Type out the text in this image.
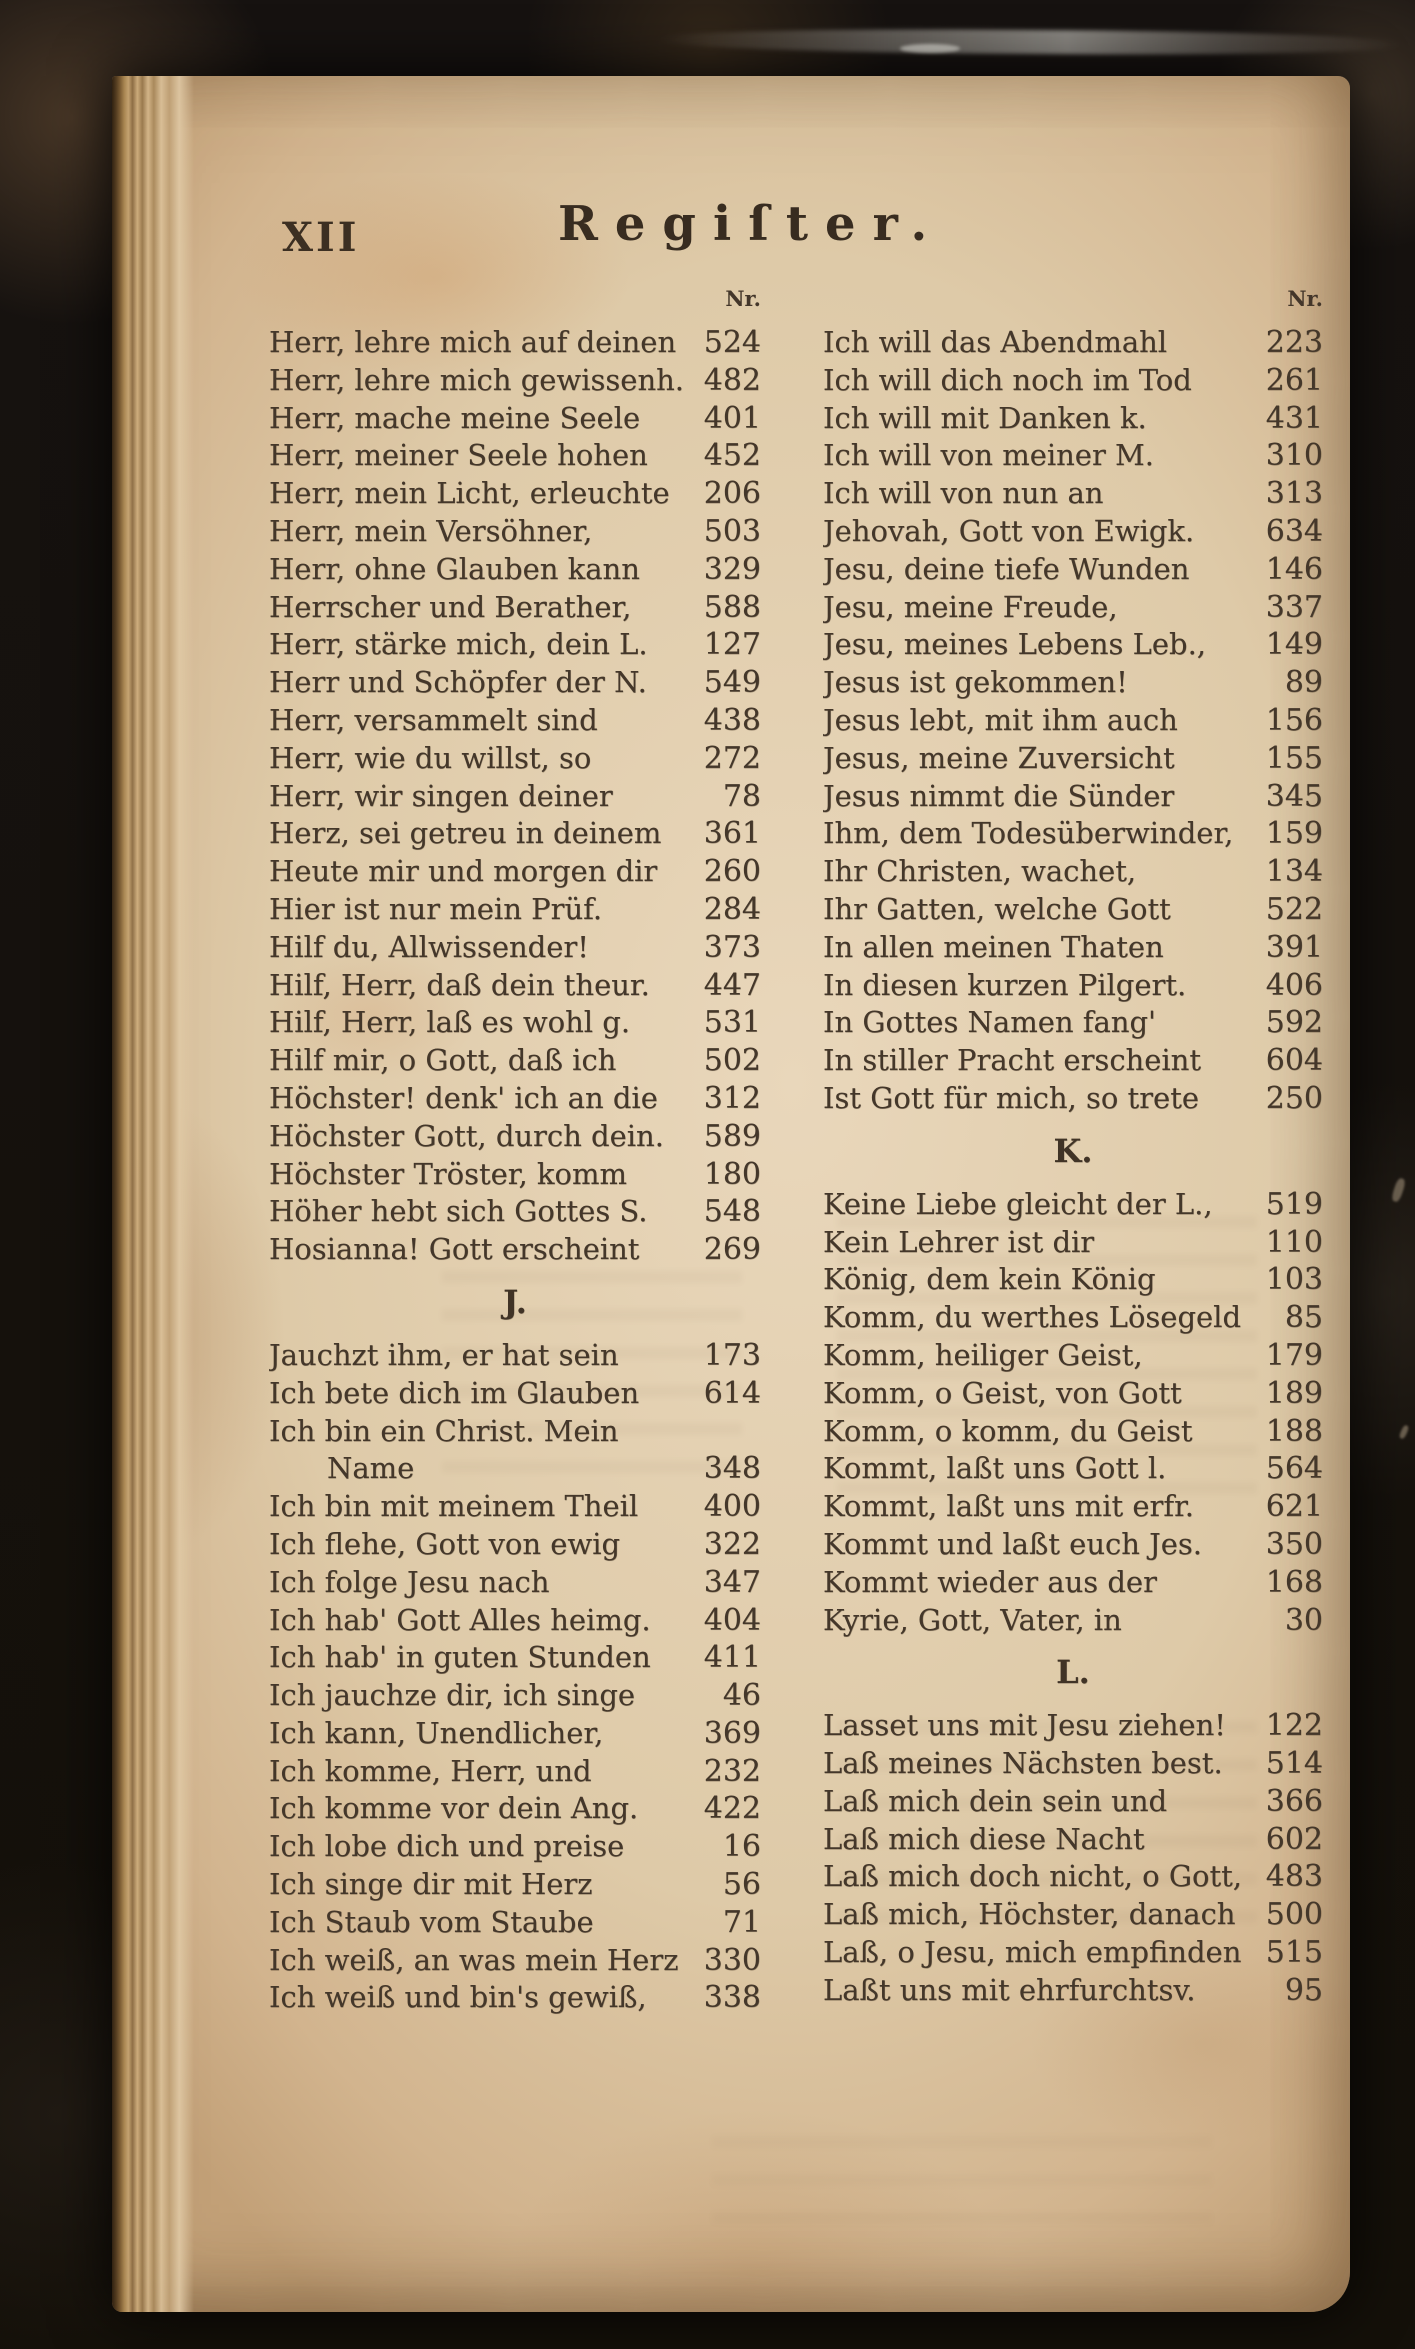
XII	Regiſter.
Nr.	Nr.
Herr, lehre mich auf deinen 524
Herr, lehre mich gewissenh. 482
Herr, mache meine Seele	401
Herr, meiner Seele hohen	452
Herr, mein Licht, erleuchte	206
Herr, mein Versöhner,	503
Herr, ohne Glauben kann	329
Herrscher und Berather,	588
Herr, stärke mich, dein L.	127
Herr und Schöpfer der N.	549
Herr, versammelt sind	438
Herr, wie du willst, so	272
Herr, wir singen deiner	78
Herz, sei getreu in deinem	361
Heute mir und morgen dir	260
Hier ist nur mein Prüf.	284
Hilf du, Allwissender!	373
Hilf, Herr, daß dein theur.	447
Hilf, Herr, laß es wohl g.	531
Hilf mir, o Gott, daß ich	502
Höchster! denk' ich an die	312
Höchster Gott, durch dein.	589
Höchster Tröster, komm	180
Höher hebt sich Gottes S.	548
Hosianna! Gott erscheint	269
J.
Jauchzt ihm, er hat sein	173
Ich bete dich im Glauben	614
Ich bin ein Christ. Mein
Name	348
Ich bin mit meinem Theil	400
Ich flehe, Gott von ewig	322
Ich folge Jesu nach	347
Ich hab' Gott Alles heimg.	404
Ich hab' in guten Stunden	411
Ich jauchze dir, ich singe	46
Ich kann, Unendlicher,	369
Ich komme, Herr, und	232
Ich komme vor dein Ang.	422
Ich lobe dich und preise	16
Ich singe dir mit Herz	56
Ich Staub vom Staube	71
Ich weiß, an was mein Herz 330
Ich weiß und bin's gewiß,	338
Ich will das Abendmahl	223
Ich will dich noch im Tod	261
Ich will mit Danken k.	431
Ich will von meiner M.	310
Ich will von nun an	313
Jehovah, Gott von Ewigk.	634
Jesu, deine tiefe Wunden	146
Jesu, meine Freude,	337
Jesu, meines Lebens Leb.,	149
Jesus ist gekommen!	89
Jesus lebt, mit ihm auch	156
Jesus, meine Zuversicht	155
Jesus nimmt die Sünder	345
Ihm, dem Todesüberwinder,	159
Ihr Christen, wachet,	134
Ihr Gatten, welche Gott	522
In allen meinen Thaten	391
In diesen kurzen Pilgert.	406
In Gottes Namen fang'	592
In stiller Pracht erscheint	604
Ist Gott für mich, so trete	250
K.
Keine Liebe gleicht der L.,	519
Kein Lehrer ist dir	110
König, dem kein König	103
Komm, du werthes Lösegeld	85
Komm, heiliger Geist,	179
Komm, o Geist, von Gott	189
Komm, o komm, du Geist	188
Kommt, laßt uns Gott l.	564
Kommt, laßt uns mit erfr.	621
Kommt und laßt euch Jes.	350
Kommt wieder aus der	168
Kyrie, Gott, Vater, in	30
L.
Lasset uns mit Jesu ziehen!	122
Laß meines Nächsten best.	514
Laß mich dein sein und	366
Laß mich diese Nacht	602
Laß mich doch nicht, o Gott, 483
Laß mich, Höchster, danach	500
Laß, o Jesu, mich empfinden 515
Laßt uns mit ehrfurchtsv.	95
